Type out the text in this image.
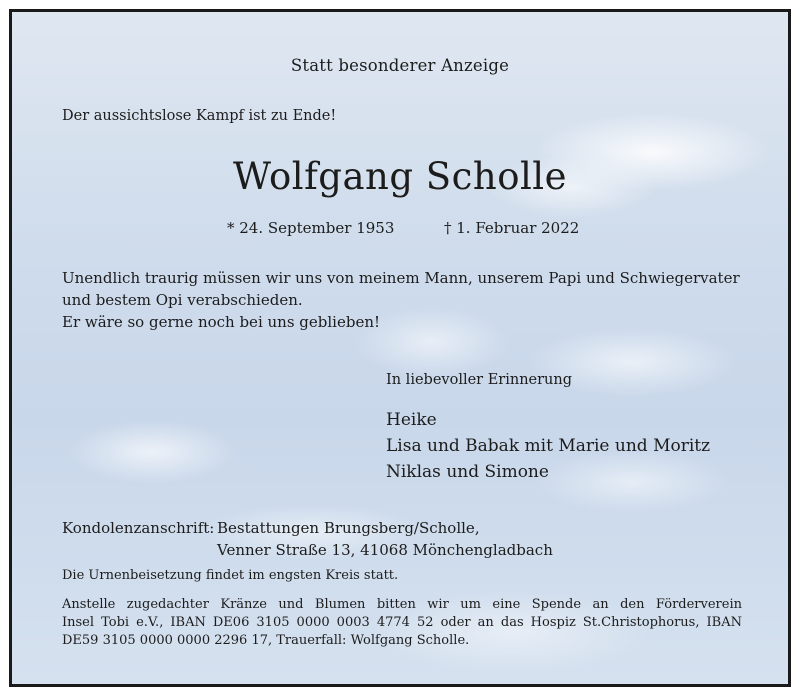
Statt besonderer Anzeige
Der aussichtslose Kampf ist zu Ende!
Wolfgang Scholle
* 24. September 1953	† 1. Februar 2022
Unendlich traurig müssen wir uns von meinem Mann, unserem Papi und Schwiegervater
und bestem Opi verabschieden.
Er wäre so gerne noch bei uns geblieben!
In liebevoller Erinnerung
Heike
Lisa und Babak mit Marie und Moritz
Niklas und Simone
Kondolenzanschrift: Bestattungen Brungsberg/Scholle,
Venner Straße 13, 41068 Mönchengladbach
Die Urnenbeisetzung findet im engsten Kreis statt.
Anstelle zugedachter Kränze und Blumen bitten wir um eine Spende an den Förderverein
Insel Tobi e.V., IBAN DE06 3105 0000 0003 4774 52 oder an das Hospiz St.Christophorus, IBAN
DE59 3105 0000 0000 2296 17, Trauerfall: Wolfgang Scholle.
